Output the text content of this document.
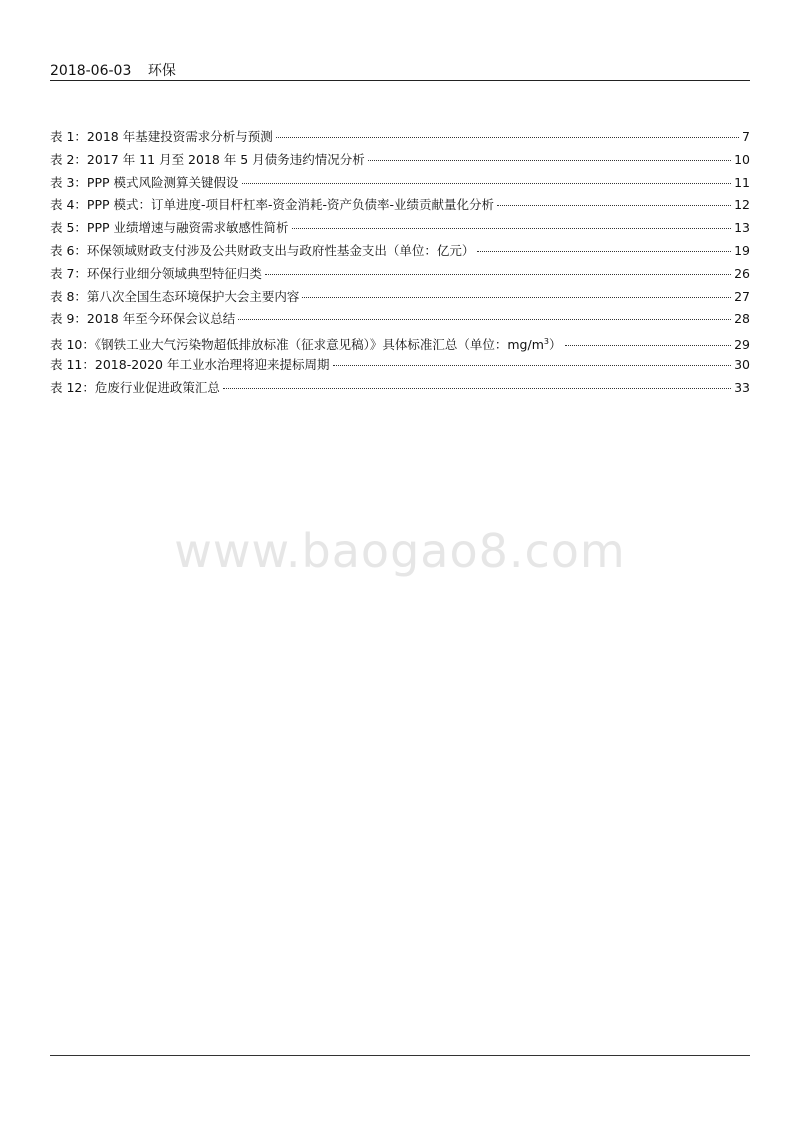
2018-06-03 环保
表 1：2018 年基建投资需求分析与预测	7
表 2：2017 年 11 月至 2018 年 5 月债务违约情况分析	10
表 3：PPP 模式风险测算关键假设	11
表 4：PPP 模式：订单进度-项目杆杠率-资金消耗-资产负债率-业绩贡献量化分析	12
表 5：PPP 业绩增速与融资需求敏感性简析	13
表 6：环保领域财政支付涉及公共财政支出与政府性基金支出（单位：亿元）	19
表 7：环保行业细分领域典型特征归类	26
表 8：第八次全国生态环境保护大会主要内容	27
表 9：2018 年至今环保会议总结	28
表 10：《钢铁工业大气污染物超低排放标准（征求意见稿）》具体标准汇总（单位：$mg/m^3$）	29
表 11：2018-2020 年工业水治理将迎来提标周期	30
表 12：危废行业促进政策汇总	33
www.baogao8.com
